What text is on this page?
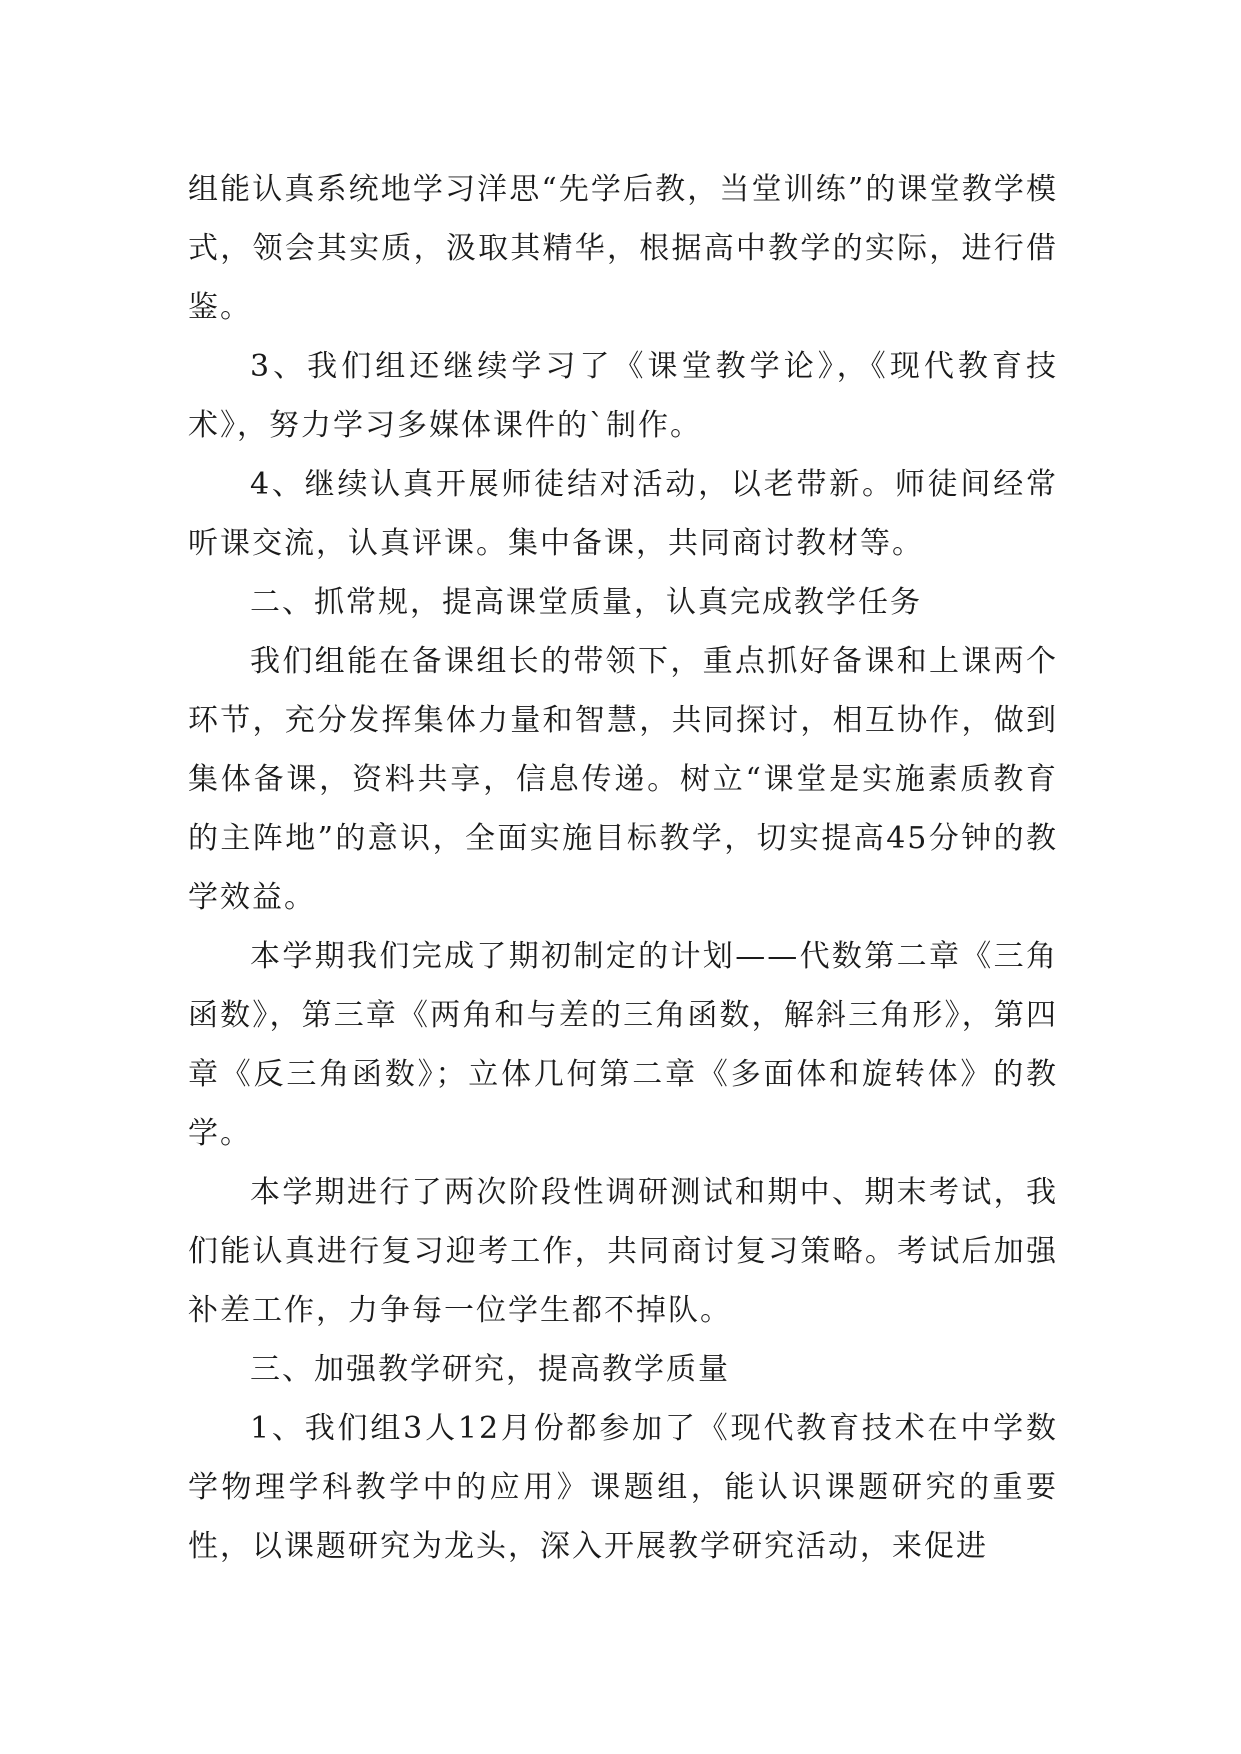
组能认真系统地学习洋思“先学后教，当堂训练”的课堂教学模式，领会其实质，汲取其精华，根据高中教学的实际，进行借鉴。

3、我们组还继续学习了《课堂教学论》，《现代教育技术》，努力学习多媒体课件的`制作。

4、继续认真开展师徒结对活动，以老带新。师徒间经常听课交流，认真评课。集中备课，共同商讨教材等。

二、抓常规，提高课堂质量，认真完成教学任务

我们组能在备课组长的带领下，重点抓好备课和上课两个环节，充分发挥集体力量和智慧，共同探讨，相互协作，做到集体备课，资料共享，信息传递。树立“课堂是实施素质教育的主阵地”的意识，全面实施目标教学，切实提高45分钟的教学效益。

本学期我们完成了期初制定的计划——代数第二章《三角函数》，第三章《两角和与差的三角函数，解斜三角形》，第四章《反三角函数》；立体几何第二章《多面体和旋转体》的教学。

本学期进行了两次阶段性调研测试和期中、期末考试，我们能认真进行复习迎考工作，共同商讨复习策略。考试后加强补差工作，力争每一位学生都不掉队。

三、加强教学研究，提高教学质量

1、我们组3人12月份都参加了《现代教育技术在中学数学物理学科教学中的应用》课题组，能认识课题研究的重要性，以课题研究为龙头，深入开展教学研究活动，来促进
